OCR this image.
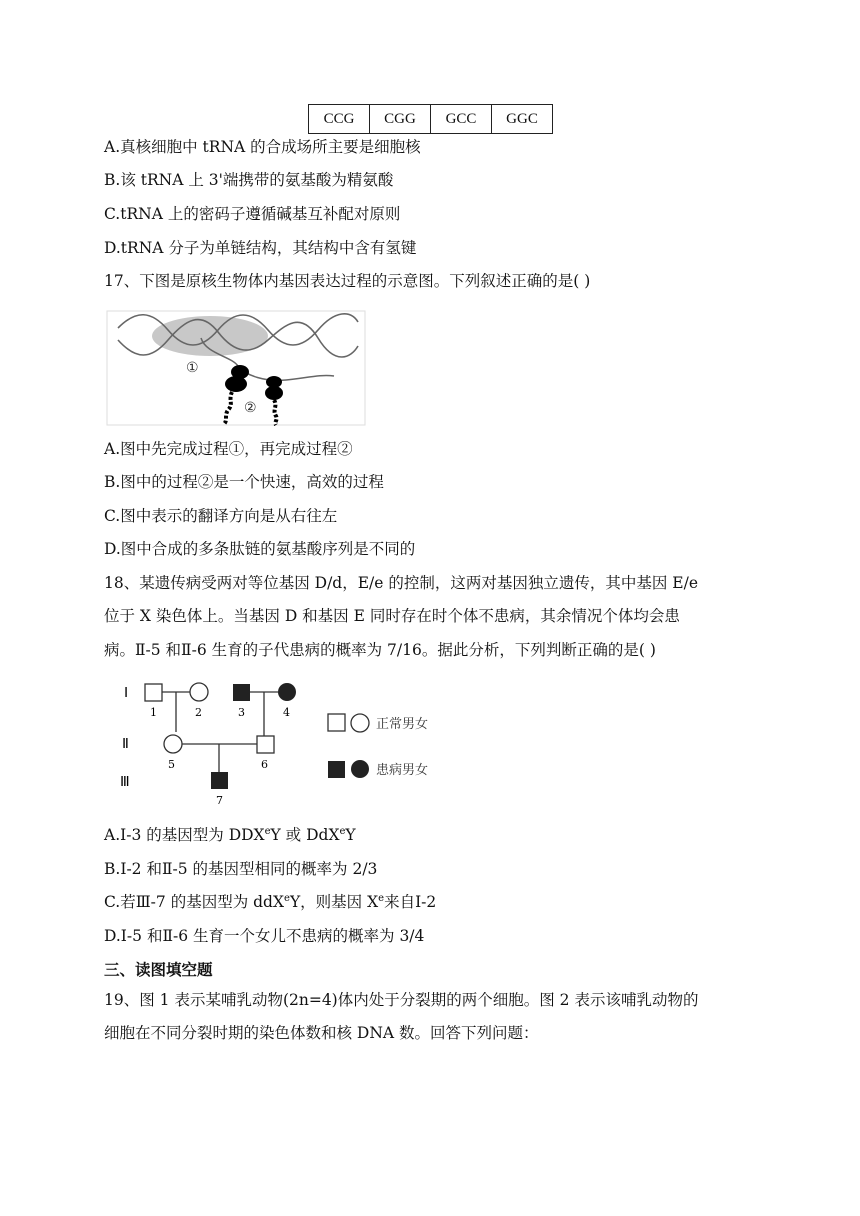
CCG	CGG	GCC	GGC
A.真核细胞中 tRNA 的合成场所主要是细胞核
B.该 tRNA 上 3'端携带的氨基酸为精氨酸
C.tRNA 上的密码子遵循碱基互补配对原则
D.tRNA 分子为单链结构，其结构中含有氢键
17、下图是原核生物体内基因表达过程的示意图。下列叙述正确的是( )
①
②
A.图中先完成过程①，再完成过程②
B.图中的过程②是一个快速，高效的过程
C.图中表示的翻译方向是从右往左
D.图中合成的多条肽链的氨基酸序列是不同的
18、某遗传病受两对等位基因 D/d，E/e 的控制，这两对基因独立遗传，其中基因 E/e
位于 X 染色体上。当基因 D 和基因 E 同时存在时个体不患病，其余情况个体均会患
病。Ⅱ-5 和Ⅱ-6 生育的子代患病的概率为 7/16。据此分析，下列判断正确的是( )
Ⅰ
Ⅱ
Ⅲ
1	2	3	4
5	6
7
正常男女
患病男女
A.I-3 的基因型为 DDXeY 或 DdX$^e$Y
B.I-2 和Ⅱ-5 的基因型相同的概率为 2/3
C.若Ⅲ-7 的基因型为 ddX$^e$Y，则基因 Xe来自Ⅰ-2
D.I-5 和Ⅱ-6 生育一个女儿不患病的概率为 3/4
三、读图填空题
19、图 1 表示某哺乳动物(2n=4)体内处于分裂期的两个细胞。图 2 表示该哺乳动物的
细胞在不同分裂时期的染色体数和核 DNA 数。回答下列问题：
